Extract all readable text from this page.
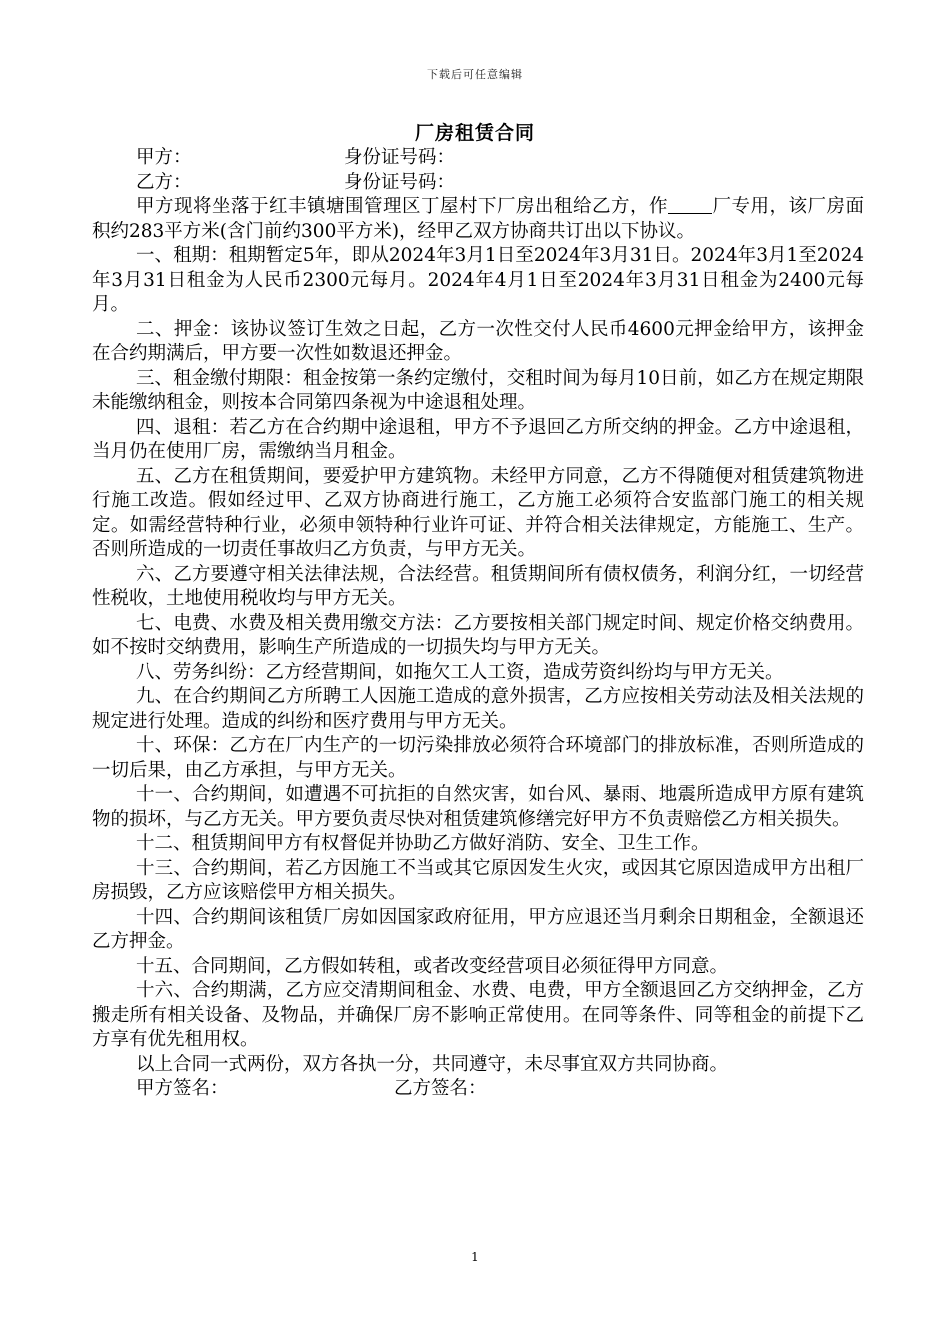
下载后可任意编辑
厂房租赁合同
甲方：	身份证号码：
乙方：	身份证号码：

甲方现将坐落于红丰镇塘围管理区丁屋村下厂房出租给乙方，作 厂专用，该厂房面积约283平方米(含门前约300平方米)，经甲乙双方协商共订出以下协议。

一、租期：租期暂定5年，即从2024年3月1日至2024年3月31日。2024年3月1至2024年3月31日租金为人民币2300元每月。2024年4月1日至2024年3月31日租金为2400元每月。

二、押金：该协议签订生效之日起，乙方一次性交付人民币4600元押金给甲方，该押金在合约期满后，甲方要一次性如数退还押金。

三、租金缴付期限：租金按第一条约定缴付，交租时间为每月10日前，如乙方在规定期限未能缴纳租金，则按本合同第四条视为中途退租处理。

四、退租：若乙方在合约期中途退租，甲方不予退回乙方所交纳的押金。乙方中途退租，当月仍在使用厂房，需缴纳当月租金。

五、乙方在租赁期间，要爱护甲方建筑物。未经甲方同意，乙方不得随便对租赁建筑物进行施工改造。假如经过甲、乙双方协商进行施工，乙方施工必须符合安监部门施工的相关规定。如需经营特种行业，必须申领特种行业许可证、并符合相关法律规定，方能施工、生产。否则所造成的一切责任事故归乙方负责，与甲方无关。

六、乙方要遵守相关法律法规，合法经营。租赁期间所有债权债务，利润分红，一切经营性税收，土地使用税收均与甲方无关。

七、电费、水费及相关费用缴交方法：乙方要按相关部门规定时间、规定价格交纳费用。如不按时交纳费用，影响生产所造成的一切损失均与甲方无关。

八、劳务纠纷：乙方经营期间，如拖欠工人工资，造成劳资纠纷均与甲方无关。

九、在合约期间乙方所聘工人因施工造成的意外损害，乙方应按相关劳动法及相关法规的规定进行处理。造成的纠纷和医疗费用与甲方无关。

十、环保：乙方在厂内生产的一切污染排放必须符合环境部门的排放标准，否则所造成的一切后果，由乙方承担，与甲方无关。

十一、合约期间，如遭遇不可抗拒的自然灾害，如台风、暴雨、地震所造成甲方原有建筑物的损坏，与乙方无关。甲方要负责尽快对租赁建筑修缮完好甲方不负责赔偿乙方相关损失。

十二、租赁期间甲方有权督促并协助乙方做好消防、安全、卫生工作。

十三、合约期间，若乙方因施工不当或其它原因发生火灾，或因其它原因造成甲方出租厂房损毁，乙方应该赔偿甲方相关损失。

十四、合约期间该租赁厂房如因国家政府征用，甲方应退还当月剩余日期租金，全额退还乙方押金。

十五、合同期间，乙方假如转租，或者改变经营项目必须征得甲方同意。

十六、合约期满，乙方应交清期间租金、水费、电费，甲方全额退回乙方交纳押金，乙方搬走所有相关设备、及物品，并确保厂房不影响正常使用。在同等条件、同等租金的前提下乙方享有优先租用权。

以上合同一式两份，双方各执一分，共同遵守，未尽事宜双方共同协商。

甲方签名：	乙方签名：
1
